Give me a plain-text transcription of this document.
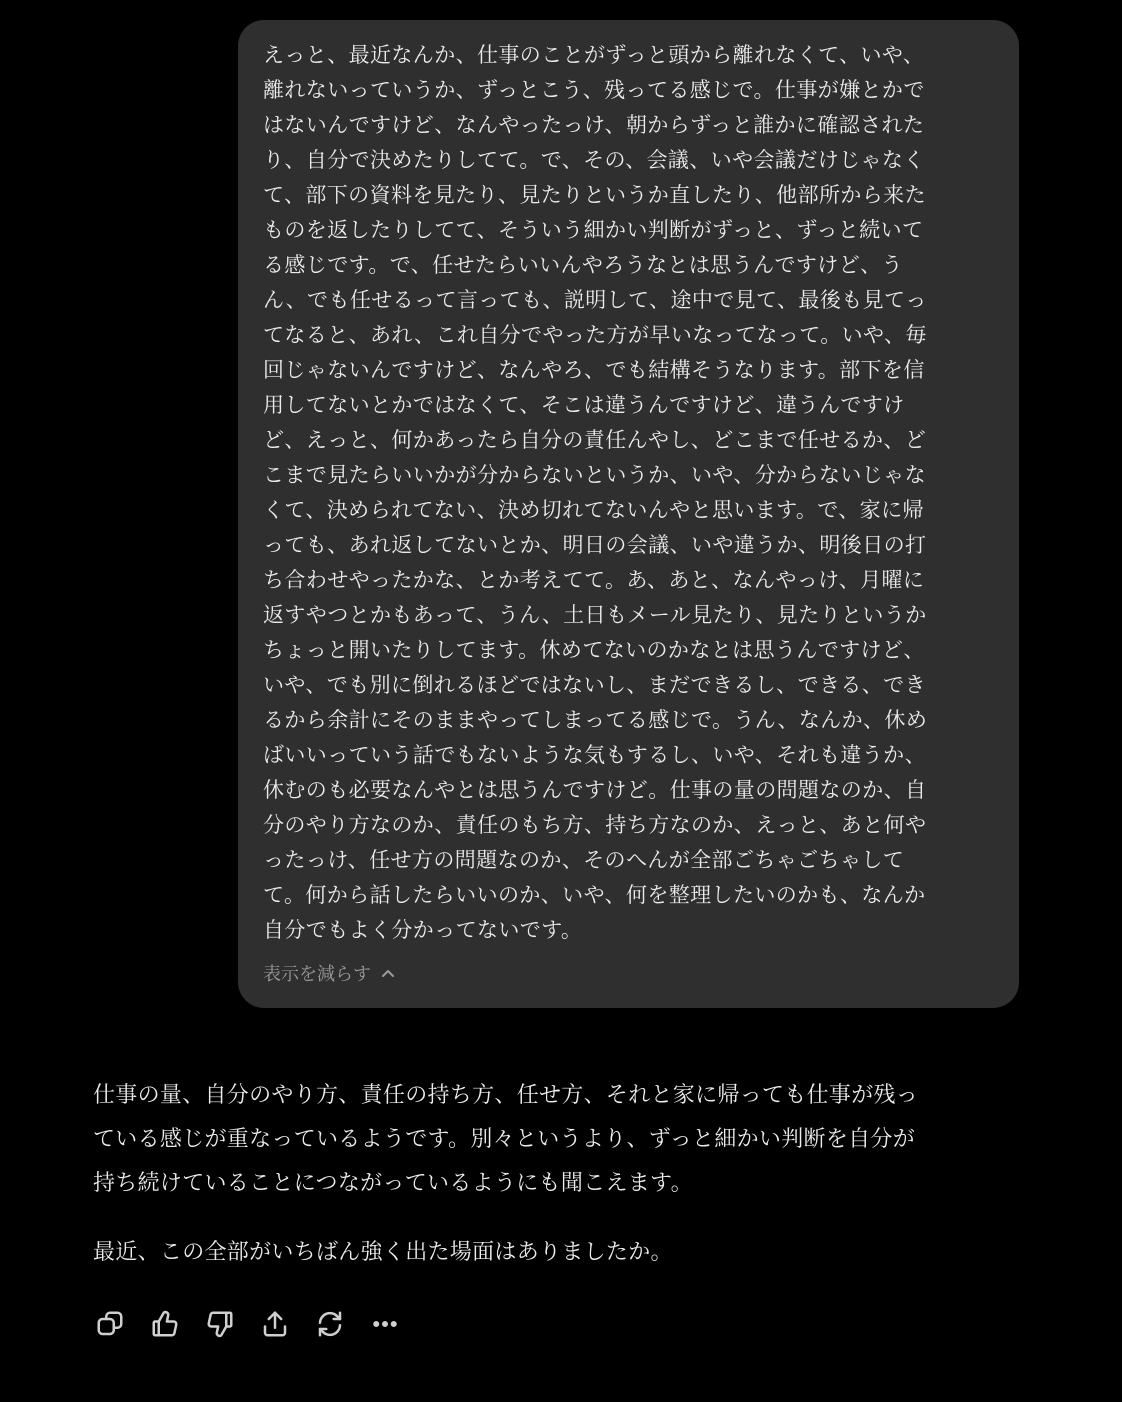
えっと、最近なんか、仕事のことがずっと頭から離れなくて、いや、
離れないっていうか、ずっとこう、残ってる感じで。仕事が嫌とかで
はないんですけど、なんやったっけ、朝からずっと誰かに確認された
り、自分で決めたりしてて。で、その、会議、いや会議だけじゃなく
て、部下の資料を見たり、見たりというか直したり、他部所から来た
ものを返したりしてて、そういう細かい判断がずっと、ずっと続いて
る感じです。で、任せたらいいんやろうなとは思うんですけど、う
ん、でも任せるって言っても、説明して、途中で見て、最後も見てっ
てなると、あれ、これ自分でやった方が早いなってなって。いや、毎
回じゃないんですけど、なんやろ、でも結構そうなります。部下を信
用してないとかではなくて、そこは違うんですけど、違うんですけ
ど、えっと、何かあったら自分の責任んやし、どこまで任せるか、ど
こまで見たらいいかが分からないというか、いや、分からないじゃな
くて、決められてない、決め切れてないんやと思います。で、家に帰
っても、あれ返してないとか、明日の会議、いや違うか、明後日の打
ち合わせやったかな、とか考えてて。あ、あと、なんやっけ、月曜に
返すやつとかもあって、うん、土日もメール見たり、見たりというか
ちょっと開いたりしてます。休めてないのかなとは思うんですけど、
いや、でも別に倒れるほどではないし、まだできるし、できる、でき
るから余計にそのままやってしまってる感じで。うん、なんか、休め
ばいいっていう話でもないような気もするし、いや、それも違うか、
休むのも必要なんやとは思うんですけど。仕事の量の問題なのか、自
分のやり方なのか、責任のもち方、持ち方なのか、えっと、あと何や
ったっけ、任せ方の問題なのか、そのへんが全部ごちゃごちゃして
て。何から話したらいいのか、いや、何を整理したいのかも、なんか
自分でもよく分かってないです。
表示を減らす

仕事の量、自分のやり方、責任の持ち方、任せ方、それと家に帰っても仕事が残っ
ている感じが重なっているようです。別々というより、ずっと細かい判断を自分が
持ち続けていることにつながっているようにも聞こえます。

最近、この全部がいちばん強く出た場面はありましたか。
